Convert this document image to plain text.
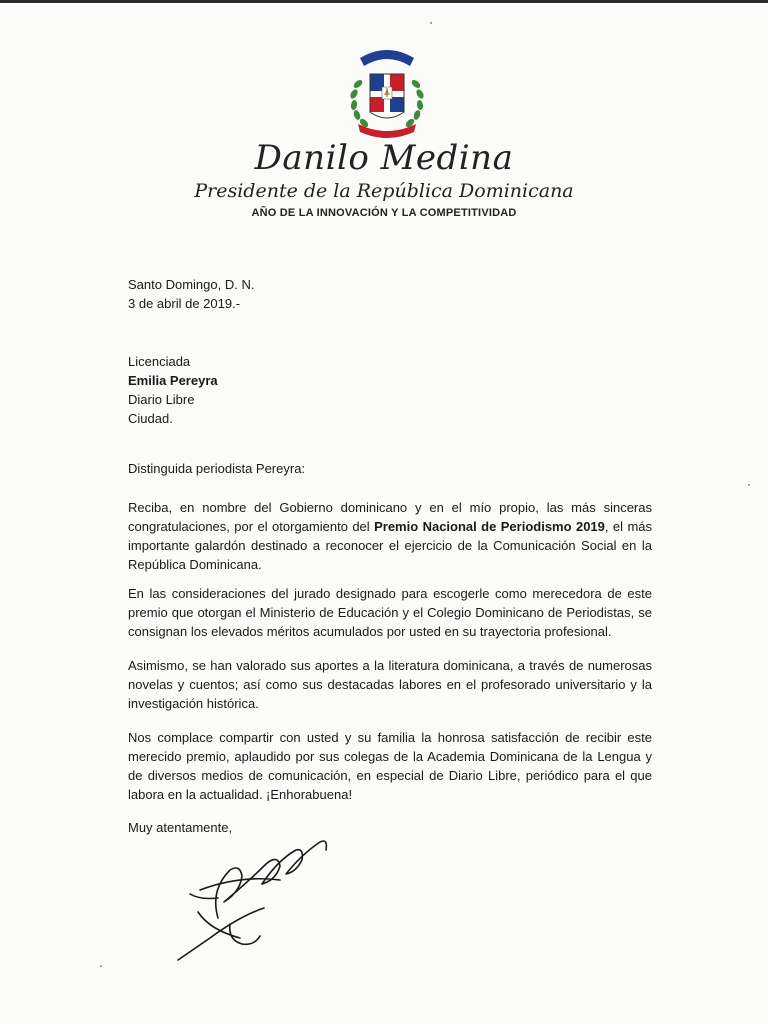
Danilo Medina
Presidente de la República Dominicana
AÑO DE LA INNOVACIÓN Y LA COMPETITIVIDAD
Santo Domingo, D. N.
3 de abril de 2019.-
Licenciada
Emilia Pereyra
Diario Libre
Ciudad.
Distinguida periodista Pereyra:
Reciba, en nombre del Gobierno dominicano y en el mío propio, las más sinceras congratulaciones, por el otorgamiento del Premio Nacional de Periodismo 2019, el más importante galardón destinado a reconocer el ejercicio de la Comunicación Social en la República Dominicana.
En las consideraciones del jurado designado para escogerle como merecedora de este premio que otorgan el Ministerio de Educación y el Colegio Dominicano de Periodistas, se consignan los elevados méritos acumulados por usted en su trayectoria profesional.
Asimismo, se han valorado sus aportes a la literatura dominicana, a través de numerosas novelas y cuentos; así como sus destacadas labores en el profesorado universitario y la investigación histórica.
Nos complace compartir con usted y su familia la honrosa satisfacción de recibir este merecido premio, aplaudido por sus colegas de la Academia Dominicana de la Lengua y de diversos medios de comunicación, en especial de Diario Libre, periódico para el que labora en la actualidad. ¡Enhorabuena!
Muy atentamente,
